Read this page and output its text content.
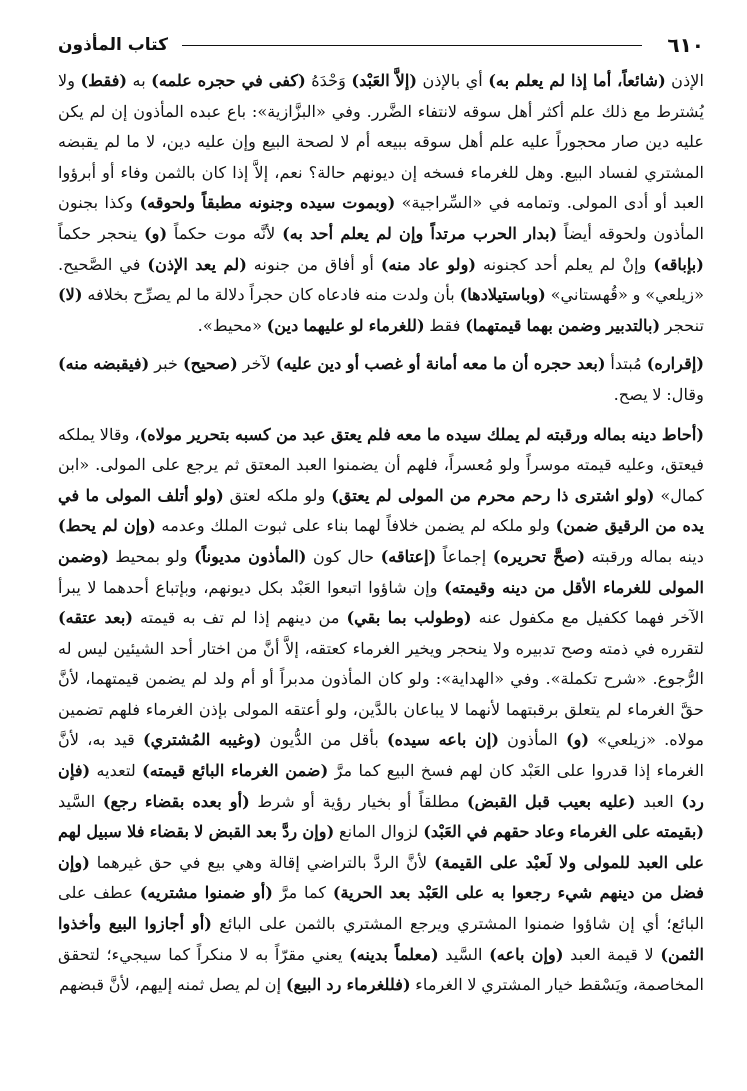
٦١٠
كتاب المأذون

الإذن (شائعاً، أما إذا لم يعلم به) أي بالإذن (إلاَّ العَبْد) وَحْدَهُ (كفى في حجره علمه) به (فقط) ولا يُشترط مع ذلك علم أكثر أهل سوقه لانتفاء الضَّرر. وفي «البزَّازية»: باع عبده المأذون إن لم يكن عليه دين صار محجوراً عليه علم أهل سوقه ببيعه أم لا لصحة البيع وإن عليه دين، لا ما لم يقبضه المشتري لفساد البيع. وهل للغرماء فسخه إن ديونهم حالة؟ نعم، إلاَّ إذا كان بالثمن وفاء أو أبرؤوا العبد أو أدى المولى. وتمامه في «السِّراجية» (وبموت سيده وجنونه مطبقاً ولحوقه) وكذا بجنون المأذون ولحوقه أيضاً (بدار الحرب مرتداً وإن لم يعلم أحد به) لأنَّه موت حكماً (و) ينحجر حكماً (بإباقه) وإنْ لم يعلم أحد كجنونه (ولو عاد منه) أو أفاق من جنونه (لم يعد الإذن) في الصَّحيح. «زيلعي» و «قُهستاني» (وباستيلادها) بأن ولدت منه فادعاه كان حجراً دلالة ما لم يصرِّح بخلافه (لا) تنحجر (بالتدبير وضمن بهما قيمتهما) فقط (للغرماء لو عليهما دين) «محيط».

(إقراره) مُبتدأ (بعد حجره أن ما معه أمانة أو غصب أو دين عليه) لآخر (صحيح) خبر (فيقبضه منه) وقال: لا يصح.

(أحاط دينه بماله ورقبته لم يملك سيده ما معه فلم يعتق عبد من كسبه بتحرير مولاه)، وقالا يملكه فيعتق، وعليه قيمته موسراً ولو مُعسراً، فلهم أن يضمنوا العبد المعتق ثم يرجع على المولى. «ابن كمال» (ولو اشترى ذا رحم محرم من المولى لم يعتق) ولو ملكه لعتق (ولو أتلف المولى ما في يده من الرقيق ضمن) ولو ملكه لم يضمن خلافاً لهما بناء على ثبوت الملك وعدمه (وإن لم يحط) دينه بماله ورقبته (صحَّ تحريره) إجماعاً (إعتاقه) حال كون (المأذون مديوناً) ولو بمحيط (وضمن المولى للغرماء الأقل من دينه وقيمته) وإن شاؤوا اتبعوا العَبْد بكل ديونهم، وبإتباع أحدهما لا يبرأ الآخر فهما ككفيل مع مكفول عنه (وطولب بما بقي) من دينهم إذا لم تف به قيمته (بعد عتقه) لتقرره في ذمته وصح تدبيره ولا ينحجر ويخير الغرماء كعتقه، إلاَّ أنَّ من اختار أحد الشيئين ليس له الرُّجوع. «شرح تكملة». وفي «الهداية»: ولو كان المأذون مدبراً أو أم ولد لم يضمن قيمتهما، لأنَّ حقَّ الغرماء لم يتعلق برقبتهما لأنهما لا يباعان بالدَّين، ولو أعتقه المولى بإذن الغرماء فلهم تضمين مولاه. «زيلعي» (و) المأذون (إن باعه سيده) بأقل من الدُّيون (وغيبه المُشتري) قيد به، لأنَّ الغرماء إذا قدروا على العَبْد كان لهم فسخ البيع كما مرَّ (ضمن الغرماء البائع قيمته) لتعديه (فإن رد) العبد (عليه بعيب قبل القبض) مطلقاً أو بخيار رؤية أو شرط (أو بعده بقضاء رجع) السَّيد (بقيمته على الغرماء وعاد حقهم في العَبْد) لزوال المانع (وإن ردَّ بعد القبض لا بقضاء فلا سبيل لهم على العبد للمولى ولا لَعبْد على القيمة) لأنَّ الردَّ بالتراضي إقالة وهي بيع في حق غيرهما (وإن فضل من دينهم شيء رجعوا به على العَبْد بعد الحرية) كما مرَّ (أو ضمنوا مشتريه) عطف على البائع؛ أي إن شاؤوا ضمنوا المشتري ويرجع المشتري بالثمن على البائع (أو أجازوا البيع وأخذوا الثمن) لا قيمة العبد (وإن باعه) السَّيد (معلماً بدينه) يعني مقرّاً به لا منكراً كما سيجيء؛ لتحقق المخاصمة، ويَسْقط خيار المشتري لا الغرماء (فللغرماء رد البيع) إن لم يصل ثمنه إليهم، لأنَّ قبضهم
